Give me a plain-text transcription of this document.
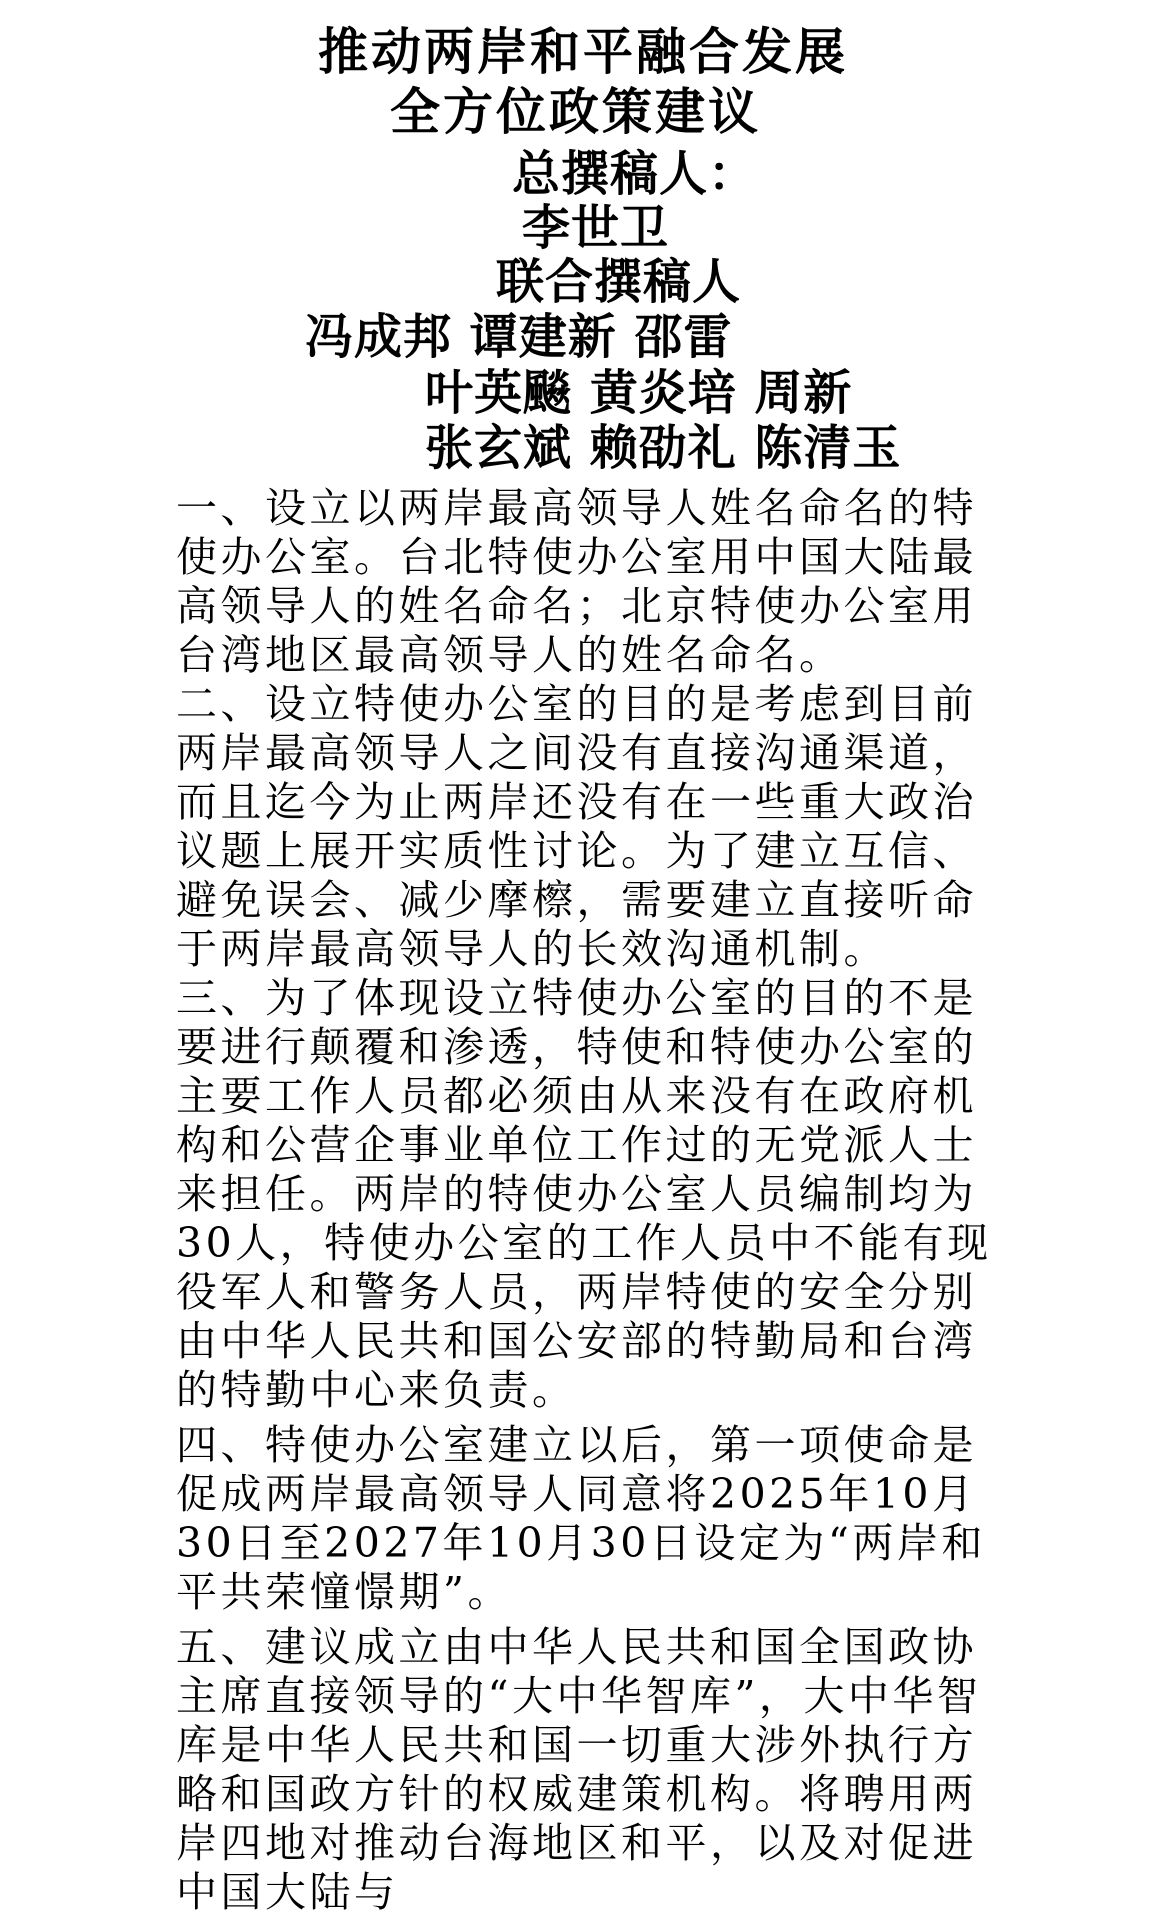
推动两岸和平融合发展
全方位政策建议
总撰稿人：
李世卫
联合撰稿人
冯成邦 谭建新 邵雷
叶英飈 黄炎培 周新
张玄斌 赖劭礼 陈清玉

一、设立以两岸最高领导人姓名命名的特使办公室。台北特使办公室用中国大陆最高领导人的姓名命名；北京特使办公室用台湾地区最高领导人的姓名命名。

二、设立特使办公室的目的是考虑到目前两岸最高领导人之间没有直接沟通渠道，而且迄今为止两岸还没有在一些重大政治议题上展开实质性讨论。为了建立互信、避免误会、减少摩檫，需要建立直接听命于两岸最高领导人的长效沟通机制。

三、为了体现设立特使办公室的目的不是要进行颠覆和渗透，特使和特使办公室的主要工作人员都必须由从来没有在政府机构和公营企事业单位工作过的无党派人士来担任。两岸的特使办公室人员编制均为30人，特使办公室的工作人员中不能有现役军人和警务人员，两岸特使的安全分别由中华人民共和国公安部的特勤局和台湾的特勤中心来负责。

四、特使办公室建立以后，第一项使命是促成两岸最高领导人同意将2025年10月30日至2027年10月30日设定为“两岸和平共荣憧憬期”。

五、建议成立由中华人民共和国全国政协主席直接领导的“大中华智库”，大中华智库是中华人民共和国一切重大涉外执行方略和国政方针的权威建策机构。将聘用两岸四地对推动台海地区和平，以及对促进中国大陆与
